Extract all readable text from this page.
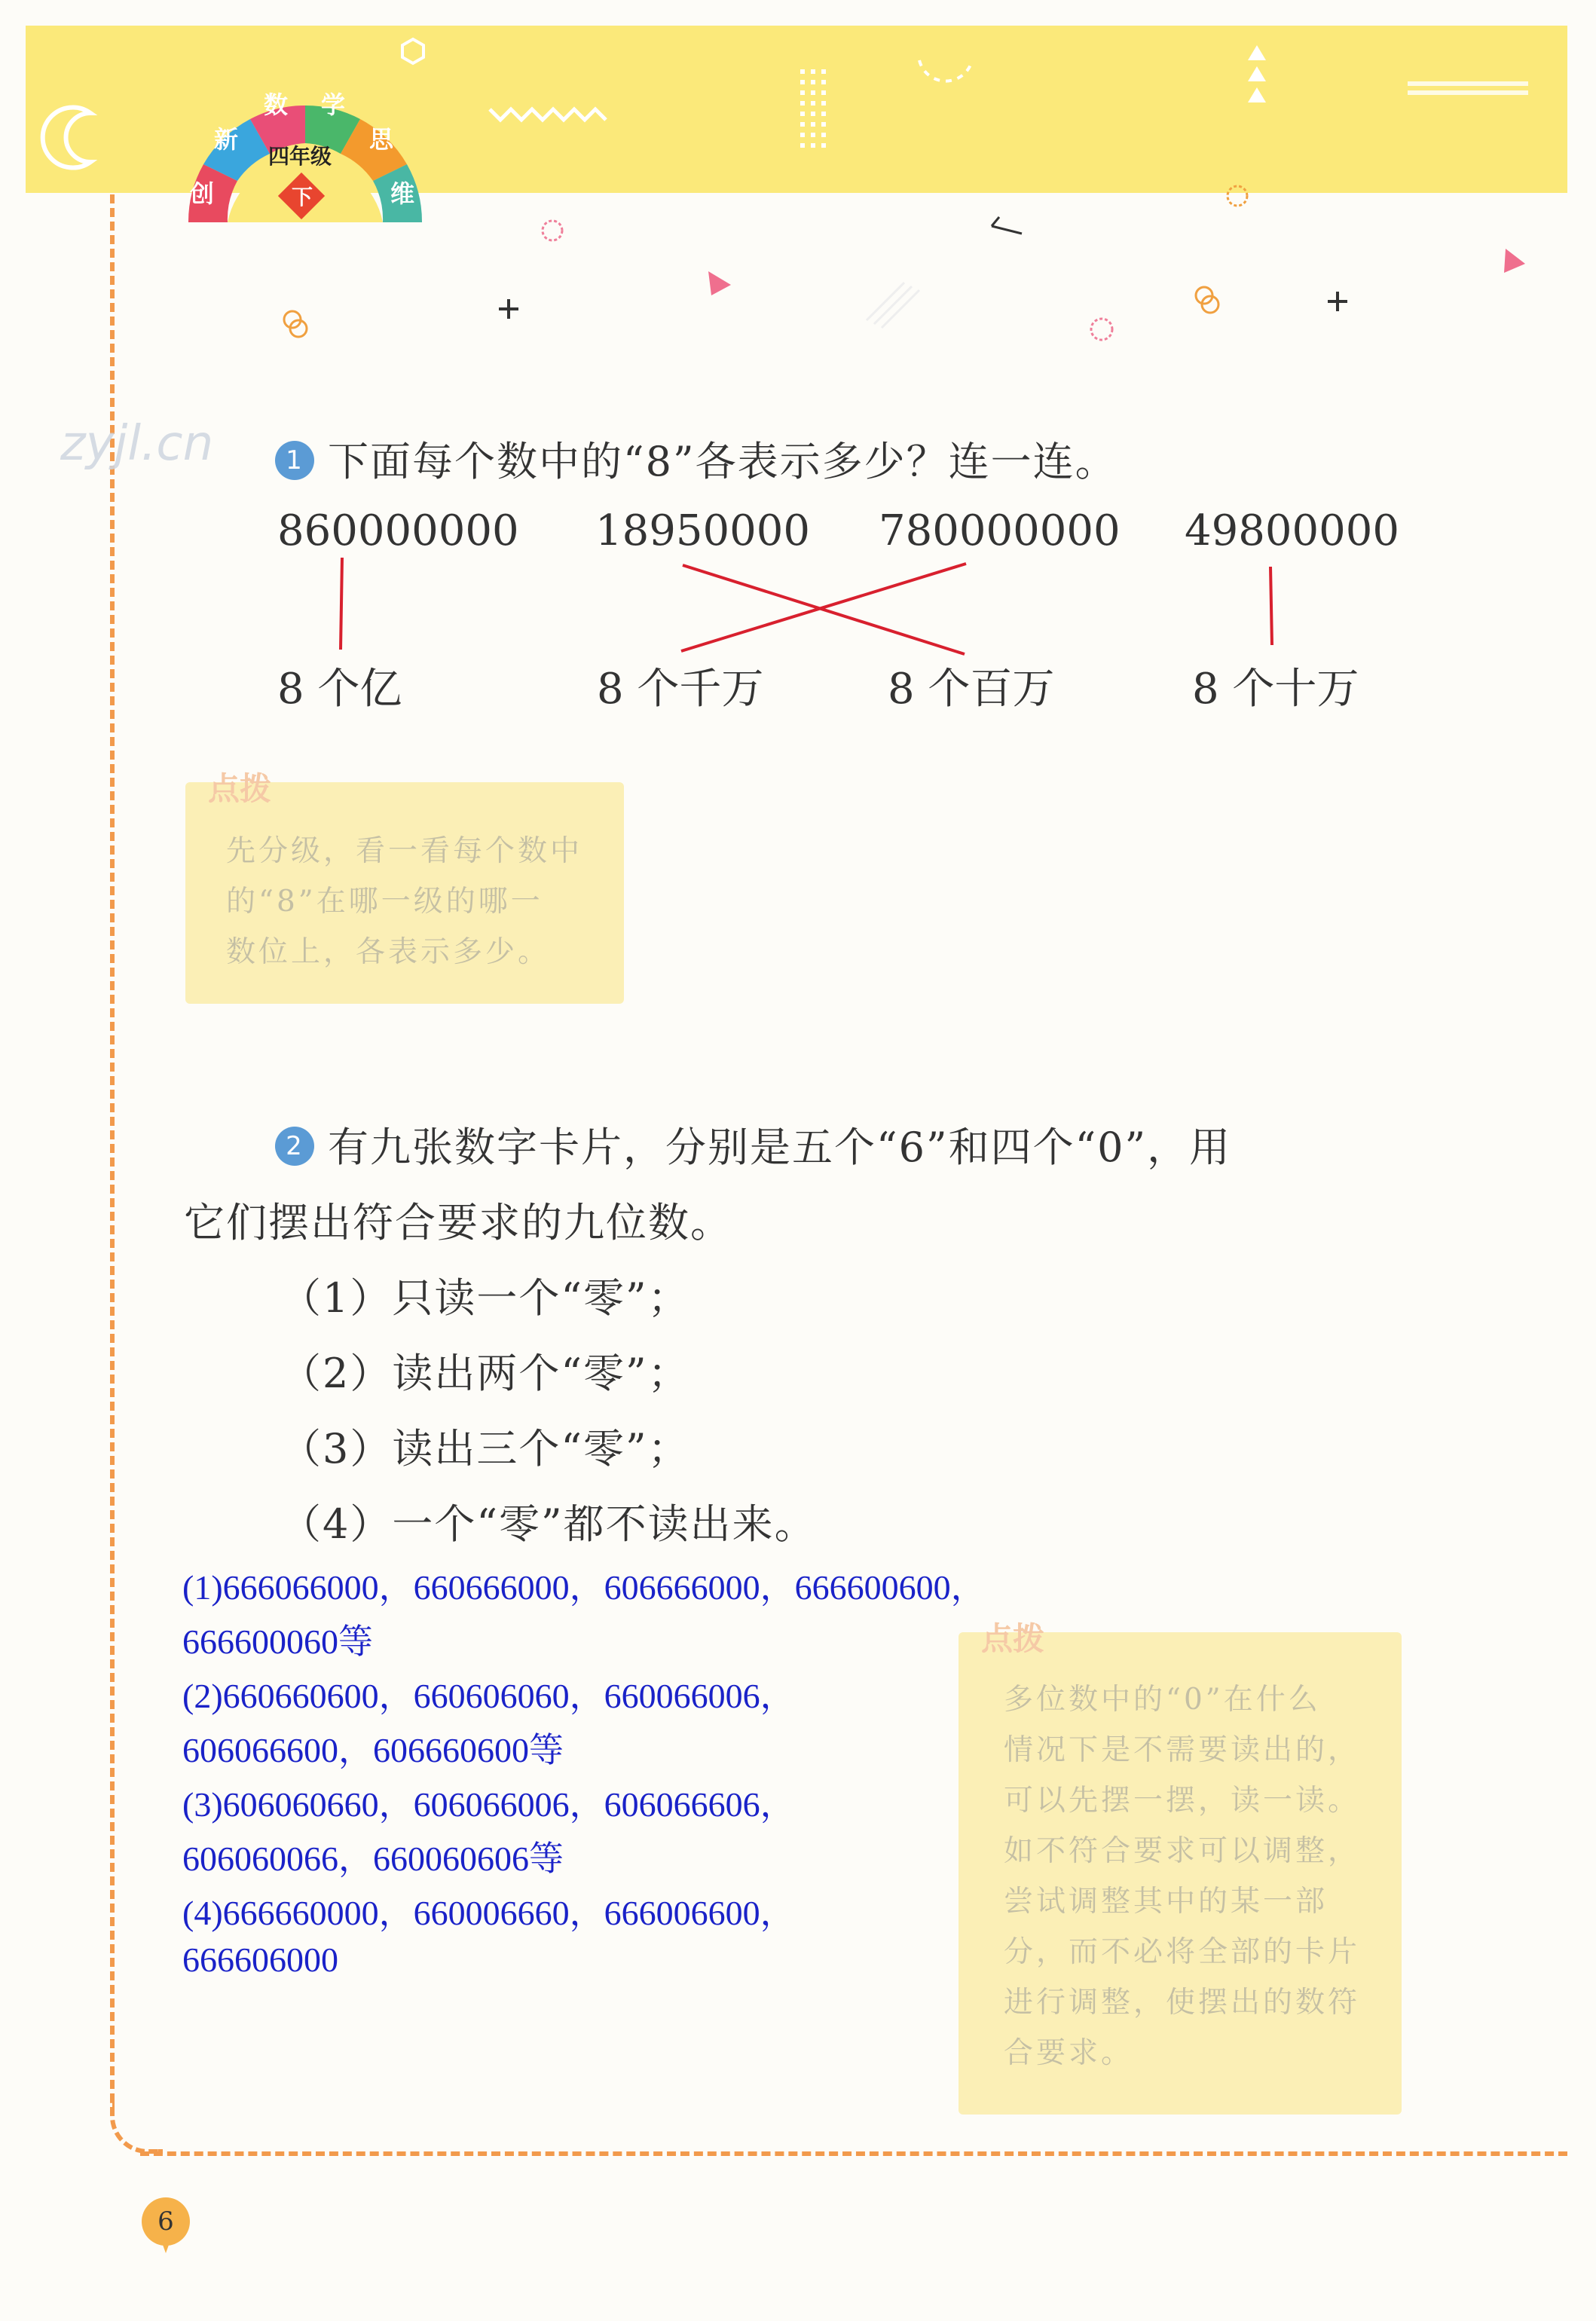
创
新
数 学
思
维
四年级
下
zyjl.cn	1 下面每个数中的“8”各表示多少？连一连。
860000000 18950000 780000000 49800000
8 个亿	8 个千万	8 个百万	8 个十万
点拨
先分级，看一看每个数中
的“8”在哪一级的哪一
数位上，各表示多少。
2 有九张数字卡片，分别是五个“6”和四个“0”，用
它们摆出符合要求的九位数。
（1）只读一个“零”；
（2）读出两个“零”；
（3）读出三个“零”；
（4）一个“零”都不读出来。
(1)666066000，660666000，606666000，666600600，
666600060等
(2)660660600，660606060，660066006，
606066600，606660600等
(3)606060660，606066006，606066606，
606060066，660060606等
(4)666660000，660006660，666006600，
666606000
点拨
多位数中的“0”在什么
情况下是不需要读出的，
可以先摆一摆，读一读。
如不符合要求可以调整，
尝试调整其中的某一部
分，而不必将全部的卡片
进行调整，使摆出的数符
合要求。
6
